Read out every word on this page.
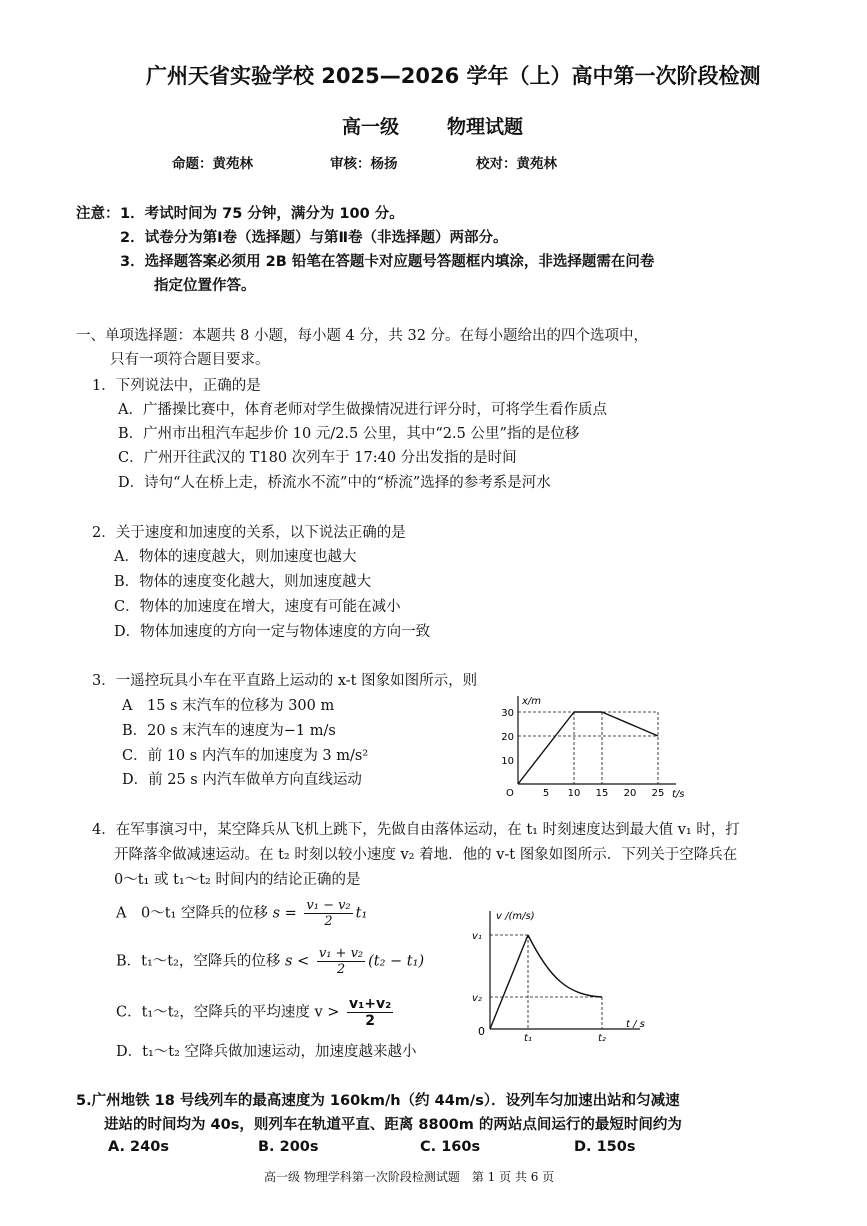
广州天省实验学校 2025—2026 学年（上）高中第一次阶段检测
高一级	物理试题
命题：黄苑林	审核：杨扬	校对：黄苑林
注意： 1．考试时间为 75 分钟，满分为 100 分。
2．试卷分为第Ⅰ卷（选择题）与第Ⅱ卷（非选择题）两部分。
3．选择题答案必须用 2B 铅笔在答题卡对应题号答题框内填涂，非选择题需在问卷
指定位置作答。
一、单项选择题：本题共 8 小题，每小题 4 分，共 32 分。在每小题给出的四个选项中，
只有一项符合题目要求。
1．下列说法中，正确的是
A．广播操比赛中，体育老师对学生做操情况进行评分时，可将学生看作质点
B．广州市出租汽车起步价 10 元/2.5 公里，其中“2.5 公里”指的是位移
C．广州开往武汉的 T180 次列车于 17:40 分出发指的是时间
D．诗句“人在桥上走，桥流水不流”中的“桥流”选择的参考系是河水
2．关于速度和加速度的关系，以下说法正确的是
A．物体的速度越大，则加速度也越大
B．物体的速度变化越大，则加速度越大
C．物体的加速度在增大，速度有可能在减小
D．物体加速度的方向一定与物体速度的方向一致
3．一遥控玩具小车在平直路上运动的 x-t 图象如图所示，则
A　15 s 末汽车的位移为 300 m
B．20 s 末汽车的速度为−1 m/s
C．前 10 s 内汽车的加速度为 3 m/s²
D．前 25 s 内汽车做单方向直线运动
x/m
t/s
O	5 10 15 20 25
10
20
30
4．在军事演习中，某空降兵从飞机上跳下，先做自由落体运动，在 t₁ 时刻速度达到最大值 v₁ 时，打
开降落伞做减速运动。在 t₂ 时刻以较小速度 v₂ 着地．他的 v-t 图象如图所示．下列关于空降兵在
0～t₁ 或 t₁～t₂ 时间内的结论正确的是
A　0～t₁ 空降兵的位移 $s = \frac{\text{v₁ − v₂}}{2} t_1$
B．t₁～t₂，空降兵的位移 $s < \frac{\text{v₁ + v₂}}{2} (t_2 - t_1)$
C．t₁～t₂，空降兵的平均速度 $v > \frac{\text{v₁+v₂}}{2}$
D．t₁～t₂ 空降兵做加速运动，加速度越来越小
v /(m/s)
t / s
0
v₁
v₂
t₁	t₂
5.广州地铁 18 号线列车的最高速度为 160km/h（约 44m/s）．设列车匀加速出站和匀减速
进站的时间均为 40s，则列车在轨道平直、距离 8800m 的两站点间运行的最短时间约为
A. 240s	B. 200s	C. 160s	D. 150s
高一级 物理学科第一次阶段检测试题　第 1 页 共 6 页
